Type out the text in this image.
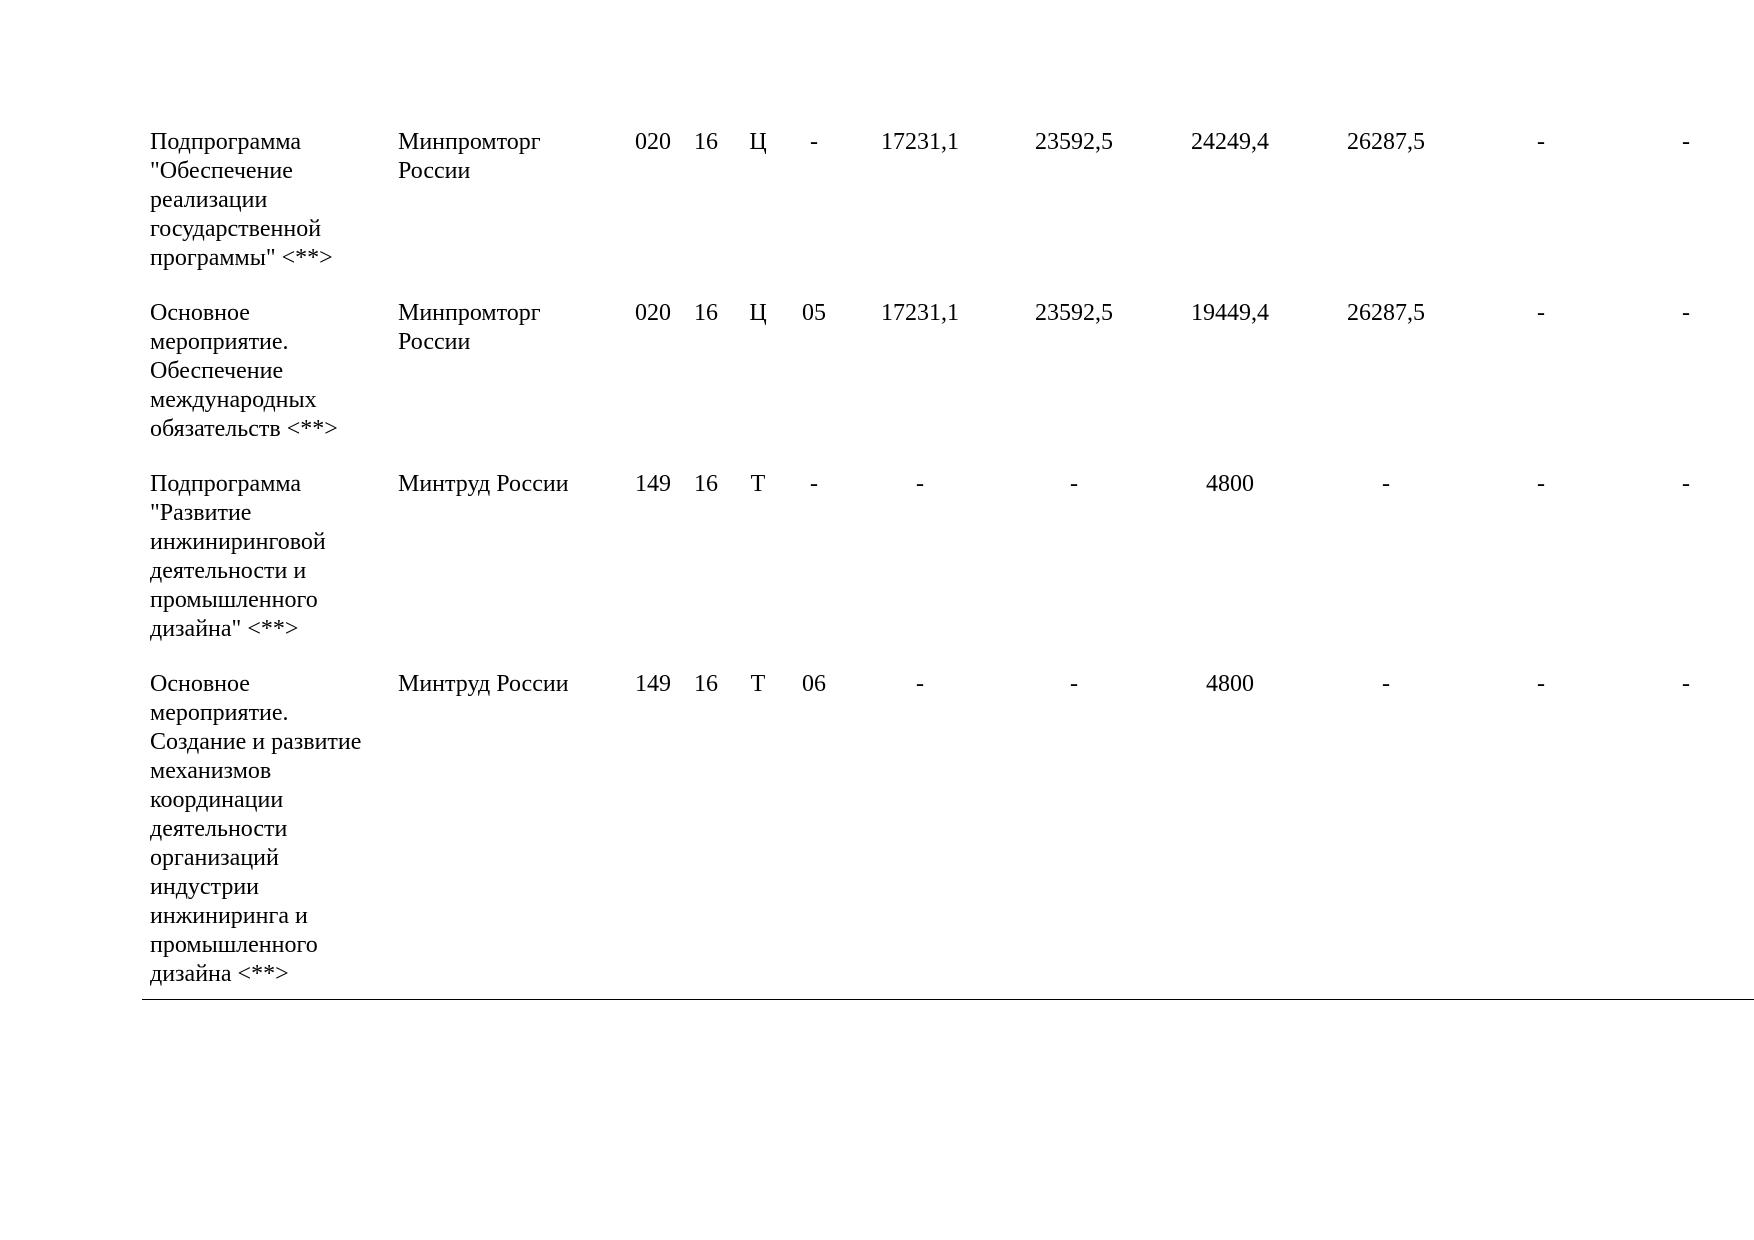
Подпрограмма "Обеспечение реализации государственной программы" <**>	Минпромторг России	020	16	Ц	-	17231,1	23592,5	24249,4	26287,5	-	-
Основное мероприятие. Обеспечение международных обязательств <**>	Минпромторг России	020	16	Ц	05	17231,1	23592,5	19449,4	26287,5	-	-
Подпрограмма "Развитие инжиниринговой деятельности и промышленного дизайна" <**>	Минтруд России	149	16	Т	-	-	-	4800	-	-	-
Основное мероприятие. Создание и развитие механизмов координации деятельности организаций индустрии инжиниринга и промышленного дизайна <**>	Минтруд России	149	16	Т	06	-	-	4800	-	-	-
